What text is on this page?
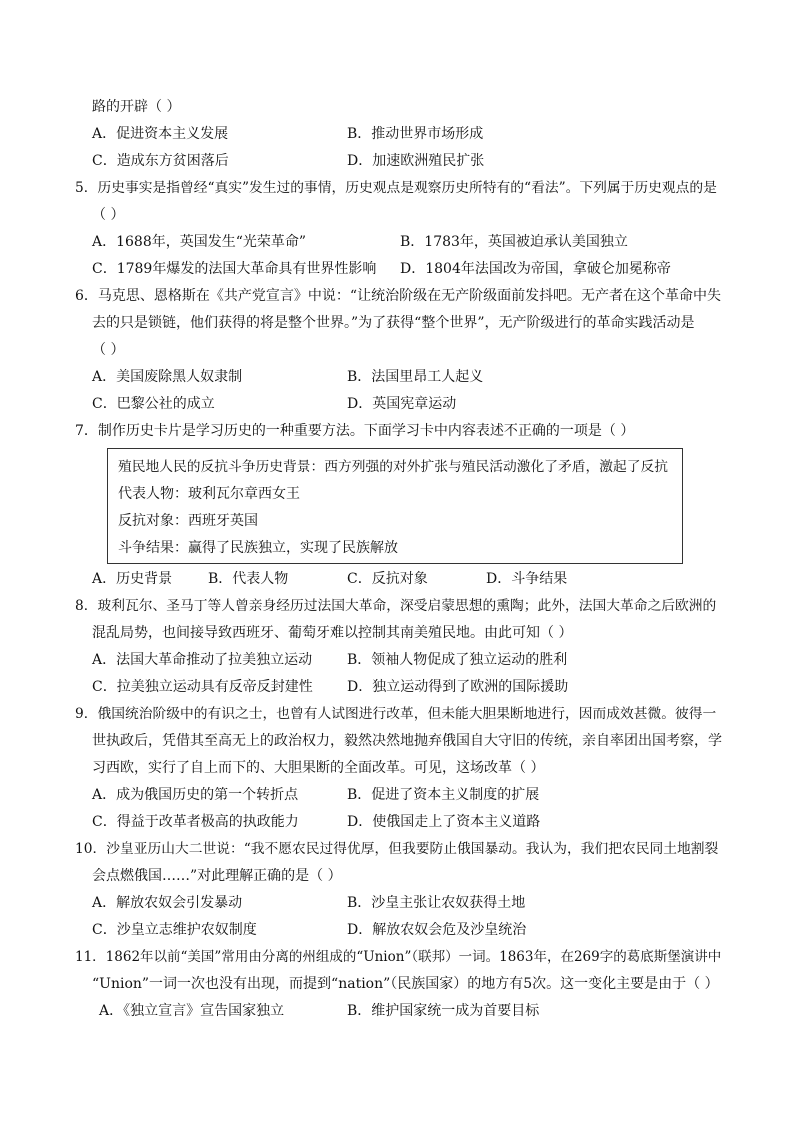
路的开辟（ ）
A．促进资本主义发展	B．推动世界市场形成
C．造成东方贫困落后	D．加速欧洲殖民扩张
5．历史事实是指曾经“真实”发生过的事情，历史观点是观察历史所特有的“看法”。下列属于历史观点的是
（ ）
A．1688年，英国发生“光荣革命”	B．1783年，英国被迫承认美国独立
C．1789年爆发的法国大革命具有世界性影响 D．1804年法国改为帝国，拿破仑加冕称帝
6．马克思、恩格斯在《共产党宣言》中说：“让统治阶级在无产阶级面前发抖吧。无产者在这个革命中失
去的只是锁链，他们获得的将是整个世界。”为了获得“整个世界”，无产阶级进行的革命实践活动是
（ ）
A．美国废除黑人奴隶制	B．法国里昂工人起义
C．巴黎公社的成立	D．英国宪章运动
7．制作历史卡片是学习历史的一种重要方法。下面学习卡中内容表述不正确的一项是（ ）
殖民地人民的反抗斗争历史背景：西方列强的对外扩张与殖民活动激化了矛盾，激起了反抗
代表人物：玻利瓦尔章西女王
反抗对象：西班牙英国
斗争结果：赢得了民族独立，实现了民族解放
A．历史背景	B．代表人物	C．反抗对象	D．斗争结果
8．玻利瓦尔、圣马丁等人曾亲身经历过法国大革命，深受启蒙思想的熏陶；此外，法国大革命之后欧洲的
混乱局势，也间接导致西班牙、葡萄牙难以控制其南美殖民地。由此可知（ ）
A．法国大革命推动了拉美独立运动 B．领袖人物促成了独立运动的胜利
C．拉美独立运动具有反帝反封建性 D．独立运动得到了欧洲的国际援助
9．俄国统治阶级中的有识之士，也曾有人试图进行改革，但未能大胆果断地进行，因而成效甚微。彼得一
世执政后，凭借其至高无上的政治权力，毅然决然地抛弃俄国自大守旧的传统，亲自率团出国考察，学
习西欧，实行了自上而下的、大胆果断的全面改革。可见，这场改革（ ）
A．成为俄国历史的第一个转折点	B．促进了资本主义制度的扩展
C．得益于改革者极高的执政能力	D．使俄国走上了资本主义道路
10．沙皇亚历山大二世说：“我不愿农民过得优厚，但我要防止俄国暴动。我认为，我们把农民同土地割裂
会点燃俄国……”对此理解正确的是（ ）
A．解放农奴会引发暴动	B．沙皇主张让农奴获得土地
C．沙皇立志维护农奴制度	D．解放农奴会危及沙皇统治
11．1862年以前“美国”常用由分离的州组成的“Union”（联邦）一词。1863年，在269字的葛底斯堡演讲中
“Union”一词一次也没有出现，而提到“nation”（民族国家）的地方有5次。这一变化主要是由于（ ）
A．《独立宣言》宣告国家独立	B．维护国家统一成为首要目标
